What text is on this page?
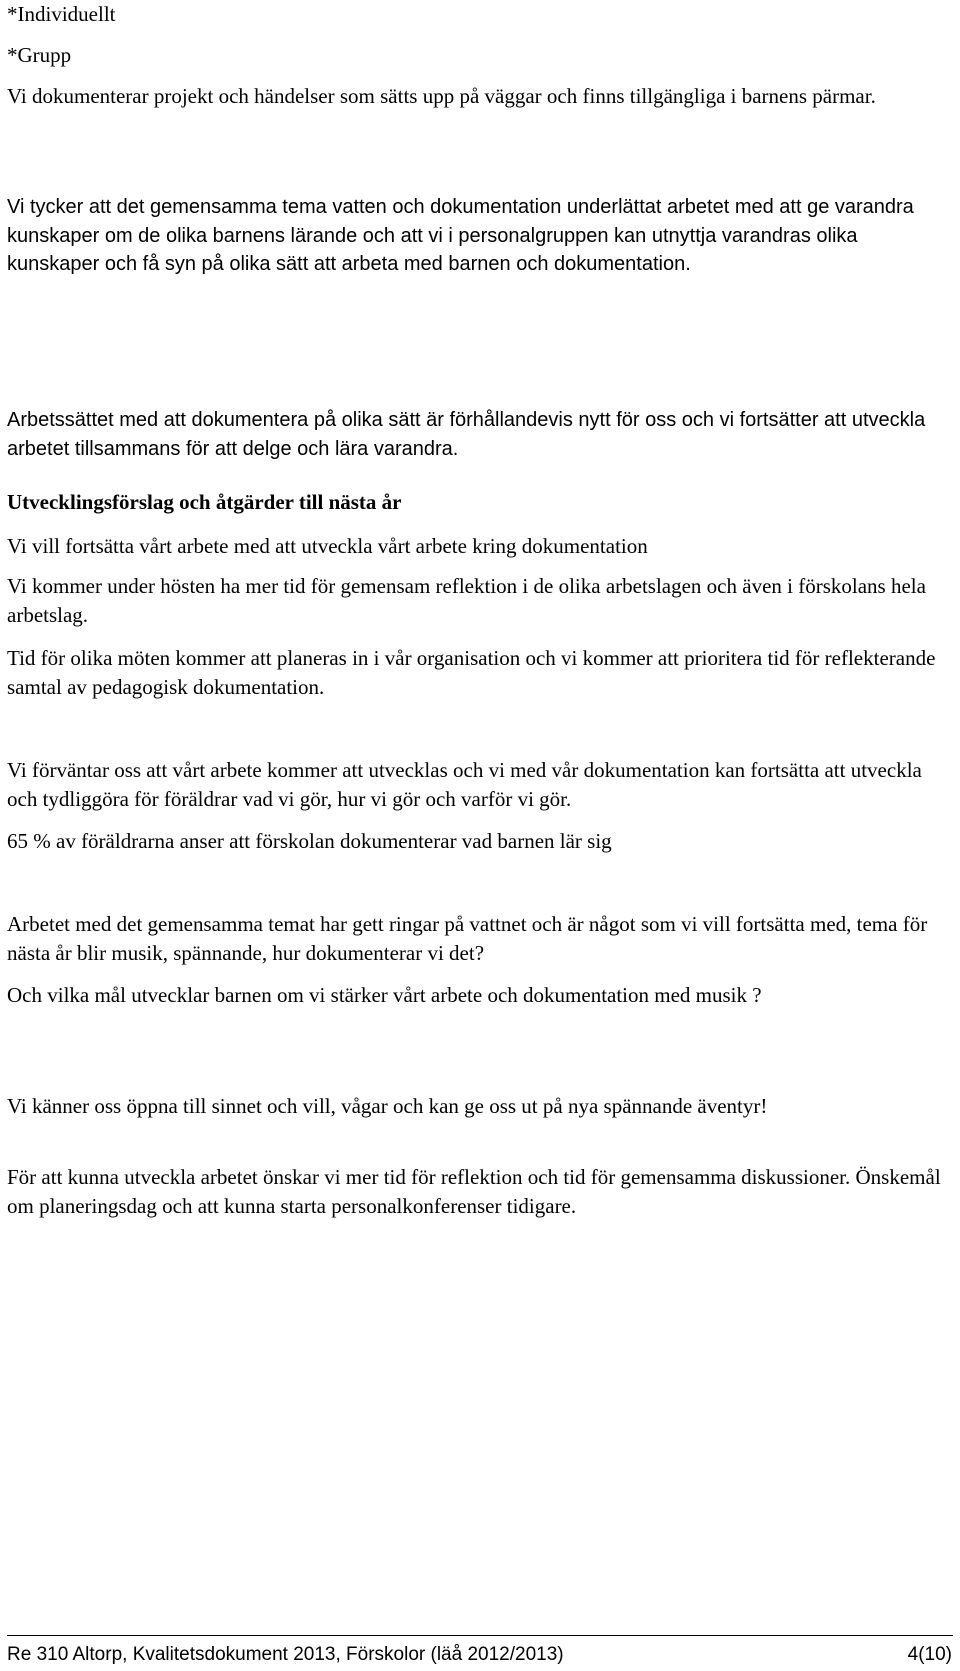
*Individuellt

*Grupp

Vi dokumenterar projekt och händelser som sätts upp på väggar och finns tillgängliga i barnens pärmar.

Vi tycker att det gemensamma tema vatten och dokumentation underlättat arbetet med att ge varandra kunskaper om de olika barnens lärande och att vi i personalgruppen kan utnyttja varandras olika kunskaper och få syn på olika sätt att arbeta med barnen och dokumentation.

Arbetssättet med att dokumentera på olika sätt är förhållandevis nytt för oss och vi fortsätter att utveckla arbetet tillsammans för att delge och lära varandra.

Utvecklingsförslag och åtgärder till nästa år

Vi vill fortsätta vårt arbete med att utveckla vårt arbete kring dokumentation

Vi kommer under hösten ha mer tid för gemensam reflektion i de olika arbetslagen och även i förskolans hela arbetslag.

Tid för olika möten kommer att planeras in i vår organisation och vi kommer att prioritera tid för reflekterande samtal av pedagogisk dokumentation.

Vi förväntar oss att vårt arbete kommer att utvecklas och vi med vår dokumentation kan fortsätta att utveckla och tydliggöra för föräldrar vad vi gör, hur vi gör och varför vi gör.

65 % av föräldrarna anser att förskolan dokumenterar vad barnen lär sig

Arbetet med det gemensamma temat har gett ringar på vattnet och är något som vi vill fortsätta med, tema för nästa år blir musik, spännande, hur dokumenterar vi det?

Och vilka mål utvecklar barnen om vi stärker vårt arbete och dokumentation med musik ?

Vi känner oss öppna till sinnet och vill, vågar och kan ge oss ut på nya spännande äventyr!

För att kunna utveckla arbetet önskar vi mer tid för reflektion och tid för gemensamma diskussioner. Önskemål om planeringsdag och att kunna starta personalkonferenser tidigare.

Re 310 Altorp, Kvalitetsdokument 2013, Förskolor (läå 2012/2013)	4(10)
